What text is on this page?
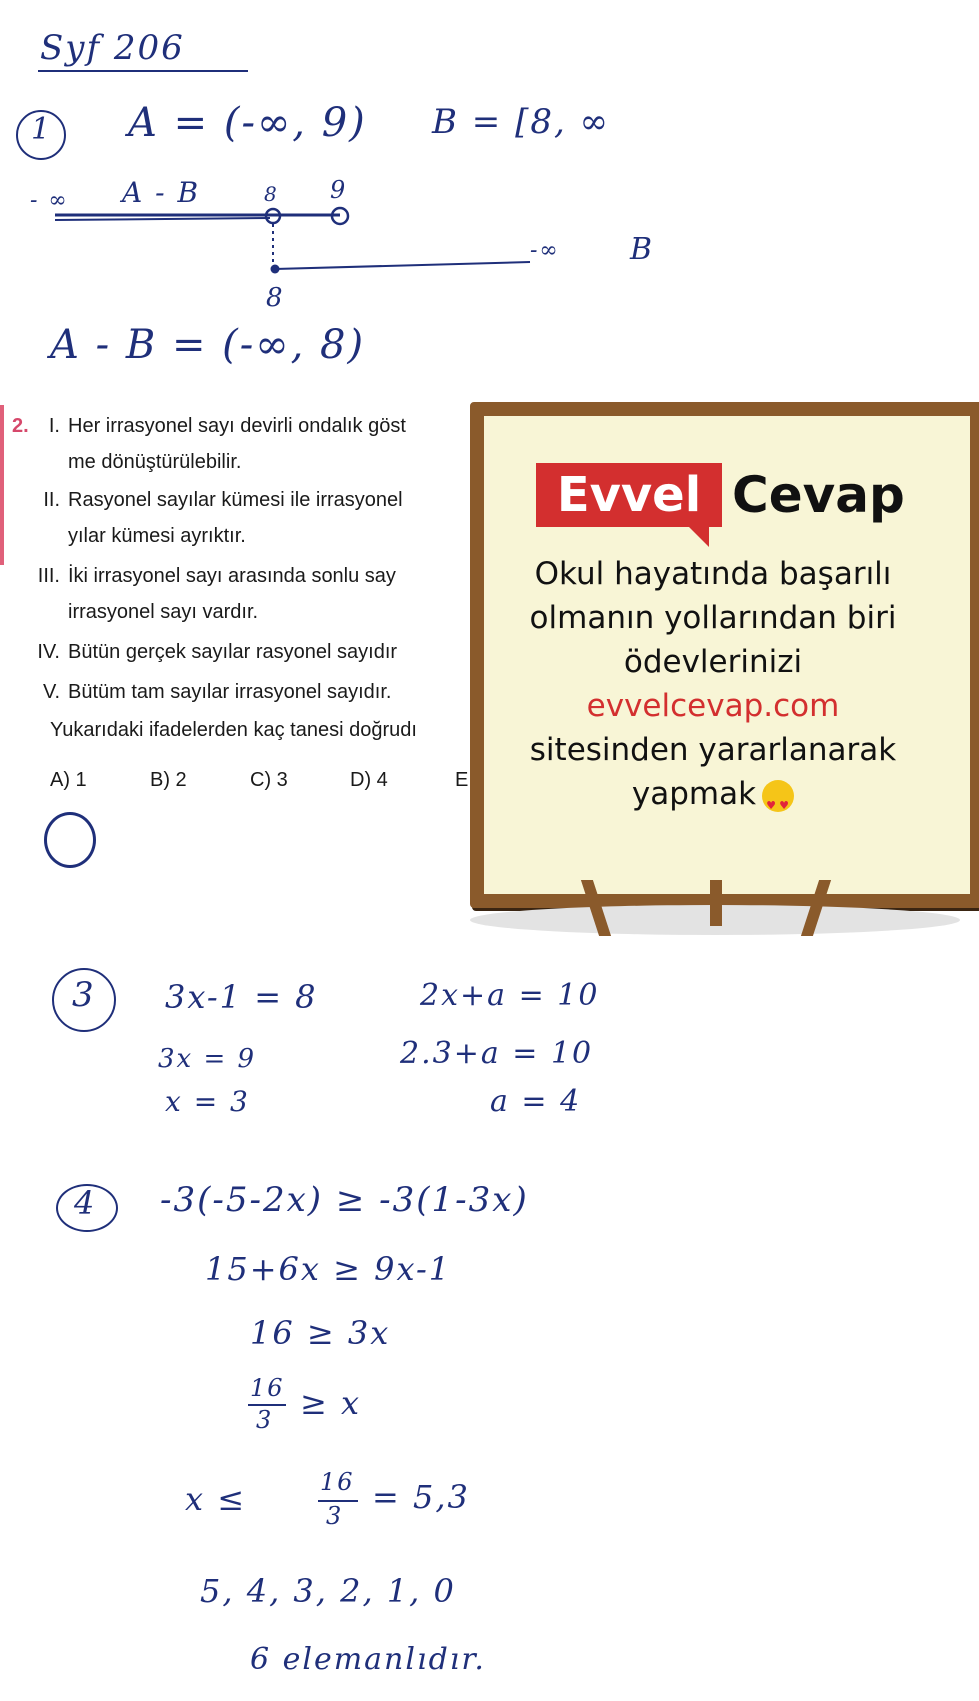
Syf 206
1 A = (-∞, 9) B = [8, ∞
- ∞ A - B	8 9
-∞ B
8
A - B = (-∞, 8)
2.	I. Her irrasyonel sayı devirli ondalık göst
me dönüştürülebilir.
II. Rasyonel sayılar kümesi ile irrasyonel
yılar kümesi ayrıktır.
III. İki irrasyonel sayı arasında sonlu say
irrasyonel sayı vardır.
IV. Bütün gerçek sayılar rasyonel sayıdır
V. Bütüm tam sayılar irrasyonel sayıdır.
Yukarıdaki ifadelerden kaç tanesi doğrudı
A) 1	B) 2	C) 3	D) 4	E
Evvel Cevap
Okul hayatında başarılı
olmanın yollarından biri
ödevlerinizi
evvelcevap.com
sitesinden yararlanarak
yapmak♥ ♥
3 3x-1 = 8	2x+a = 10
3x = 9
x = 3
2.3+a = 10
a = 4
4 -3(-5-2x) ≥ -3(1-3x)
15+6x ≥ 9x-1
16 ≥ 3x
16
3 ≥ x
x ≤	16
3 = 5,3
5, 4, 3, 2, 1, 0
6 elemanlıdır.
